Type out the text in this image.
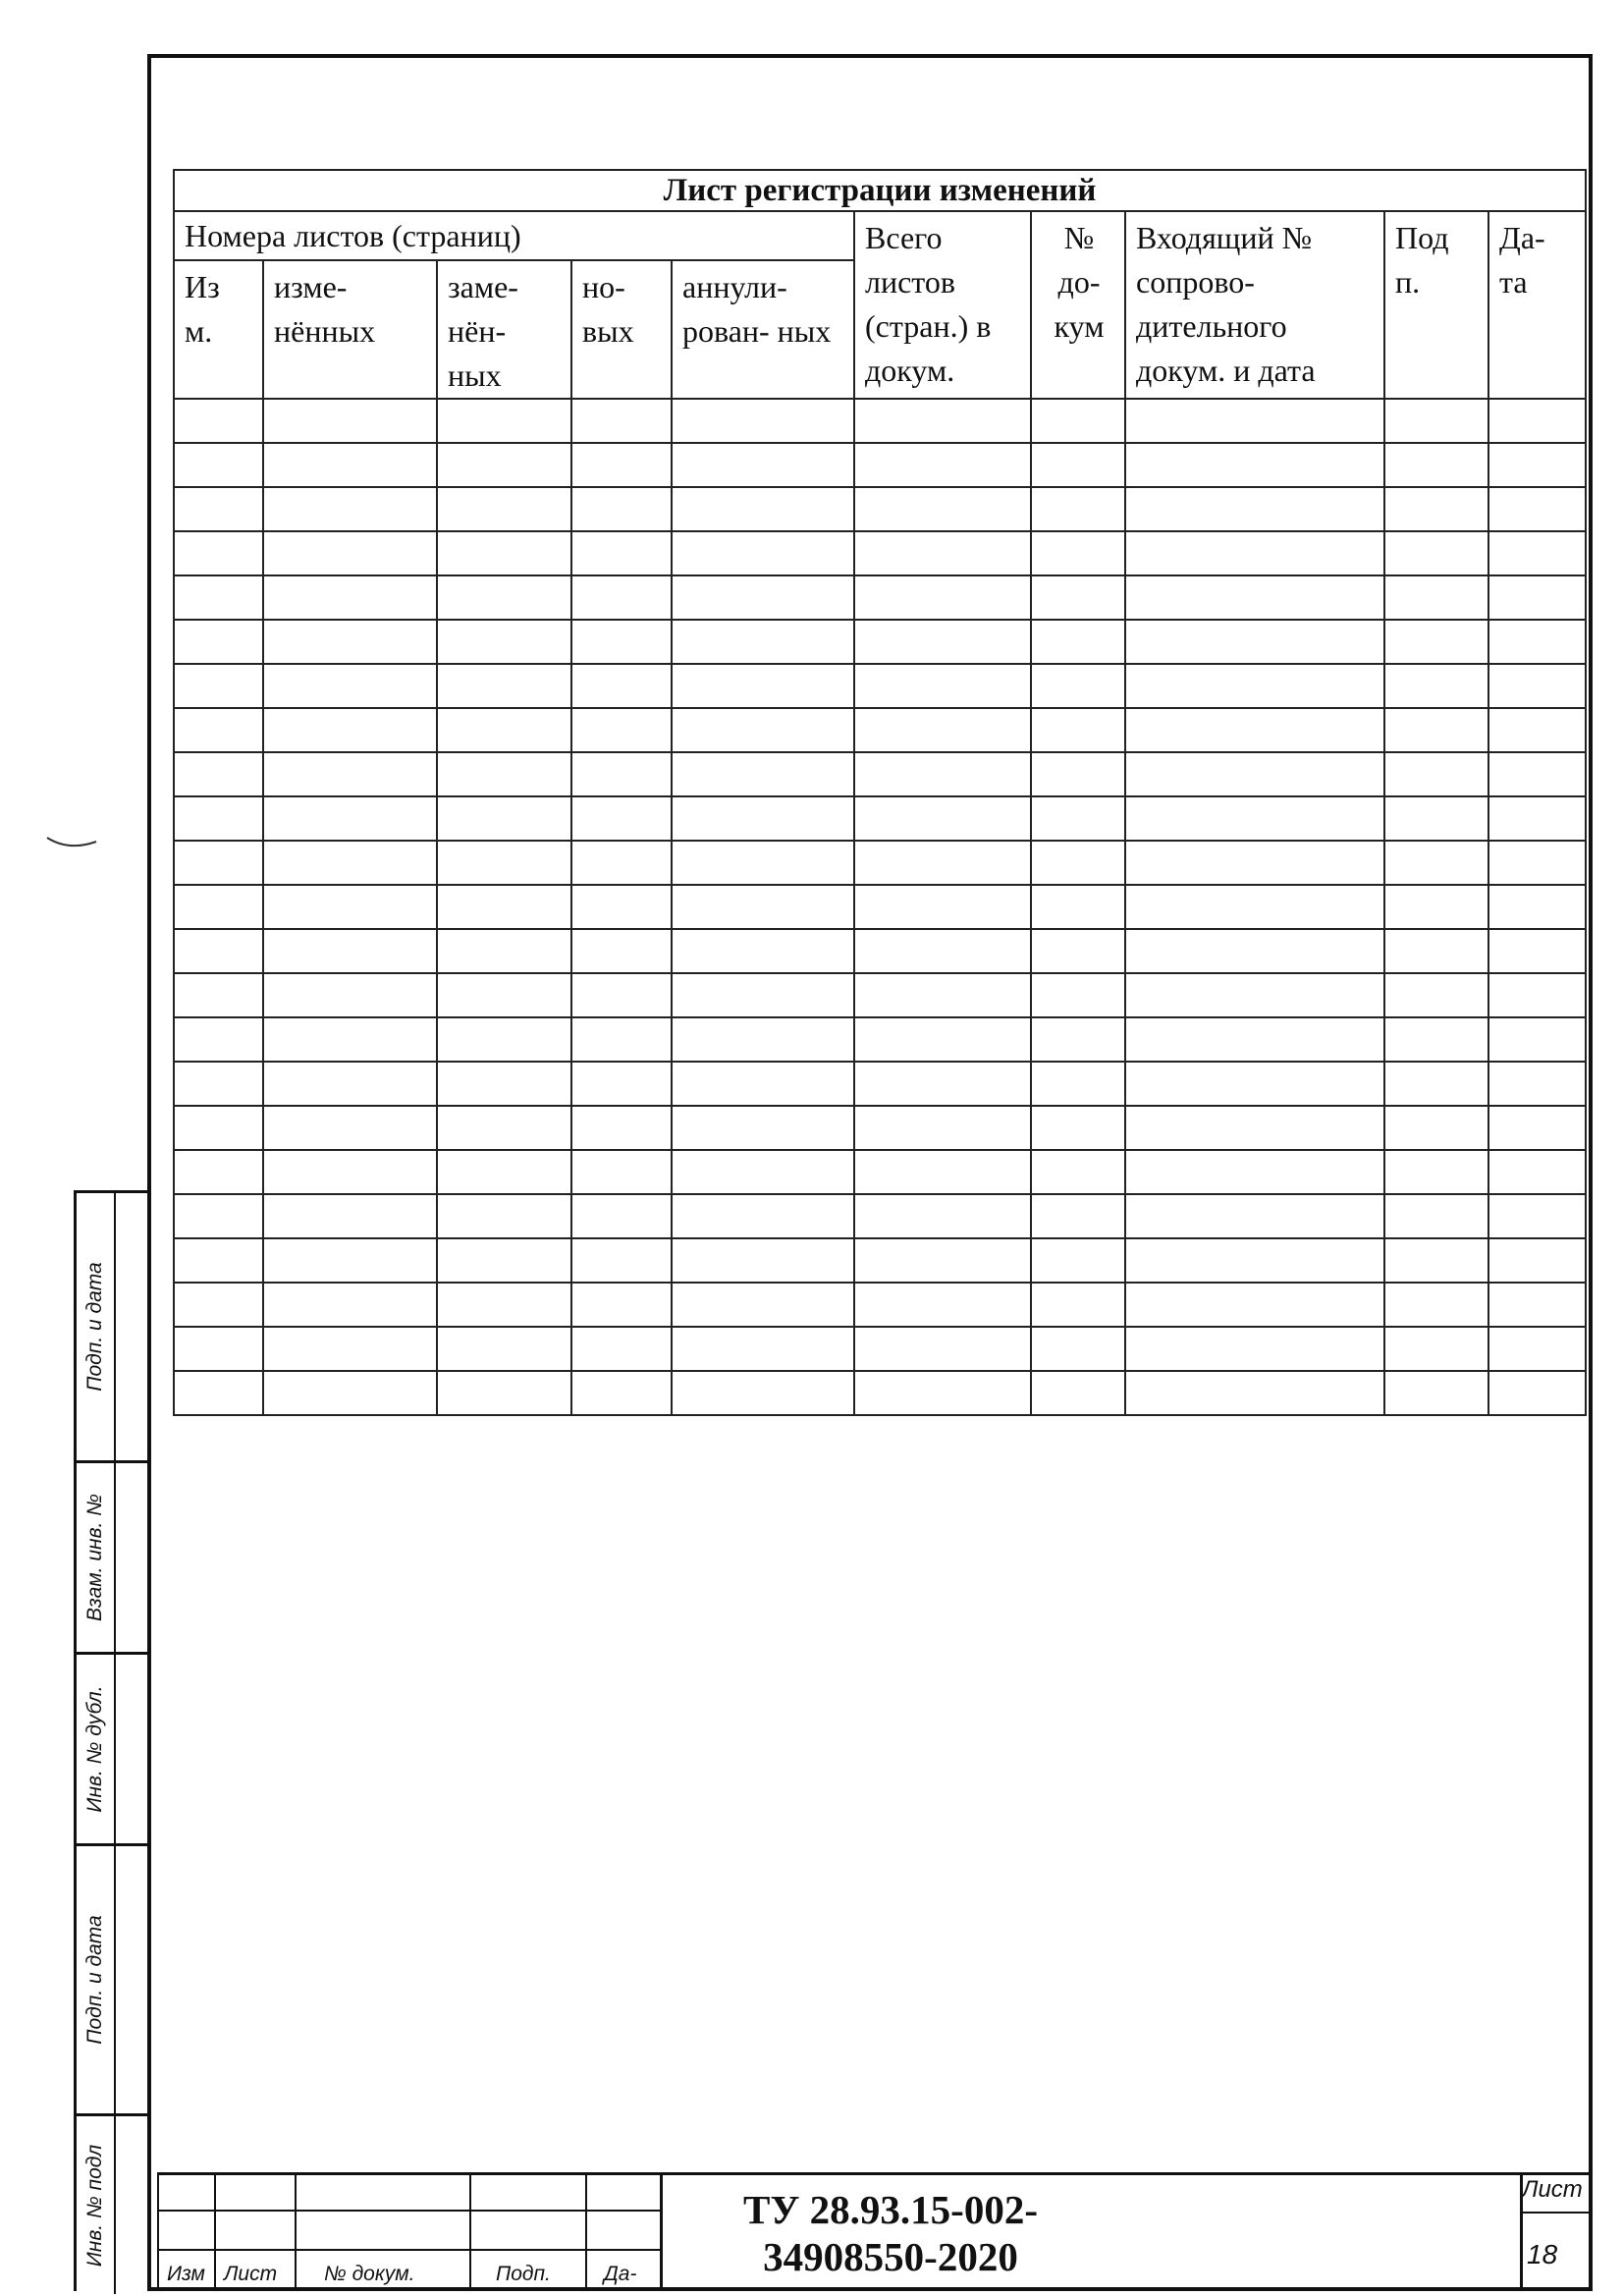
Подп. и дата
Взам. инв. №
Инв. № дубл.
Подп. и дата
Инв. № подл
Лист регистрации изменений									
Номера листов (страниц)					Всего листов (стран.) в докум.	№ до- кум	Входящий № сопрово- дительного докум. и дата	Под п.	Да- та
Из м.	изме- нённых	заме- нён- ных	но- вых	аннули- рован- ных					

Изм Лист № докум.	Подп.	Да-
ТУ 28.93.15-002-34908550-2020
Лист
18
